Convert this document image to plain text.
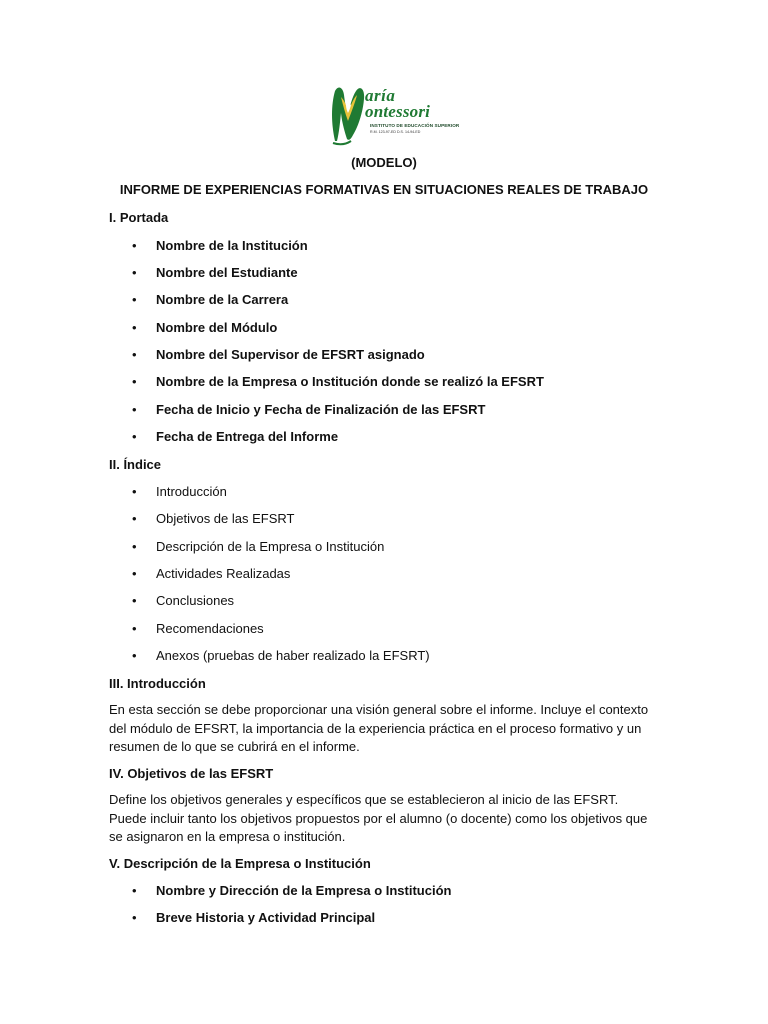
aría
ontessori
INSTITUTO DE EDUCACIÓN SUPERIOR
R.M. 123-97-ED D.S. 14-94-ED
(MODELO)
INFORME DE EXPERIENCIAS FORMATIVAS EN SITUACIONES REALES DE TRABAJO
I. Portada
• Nombre de la Institución
• Nombre del Estudiante
• Nombre de la Carrera
• Nombre del Módulo
• Nombre del Supervisor de EFSRT asignado
• Nombre de la Empresa o Institución donde se realizó la EFSRT
• Fecha de Inicio y Fecha de Finalización de las EFSRT
• Fecha de Entrega del Informe
II. Índice
• Introducción
• Objetivos de las EFSRT
• Descripción de la Empresa o Institución
• Actividades Realizadas
• Conclusiones
• Recomendaciones
• Anexos (pruebas de haber realizado la EFSRT)
III. Introducción
En esta sección se debe proporcionar una visión general sobre el informe. Incluye el contexto del módulo de EFSRT, la importancia de la experiencia práctica en el proceso formativo y un resumen de lo que se cubrirá en el informe.
IV. Objetivos de las EFSRT
Define los objetivos generales y específicos que se establecieron al inicio de las EFSRT. Puede incluir tanto los objetivos propuestos por el alumno (o docente) como los objetivos que se asignaron en la empresa o institución.
V. Descripción de la Empresa o Institución
• Nombre y Dirección de la Empresa o Institución
• Breve Historia y Actividad Principal
